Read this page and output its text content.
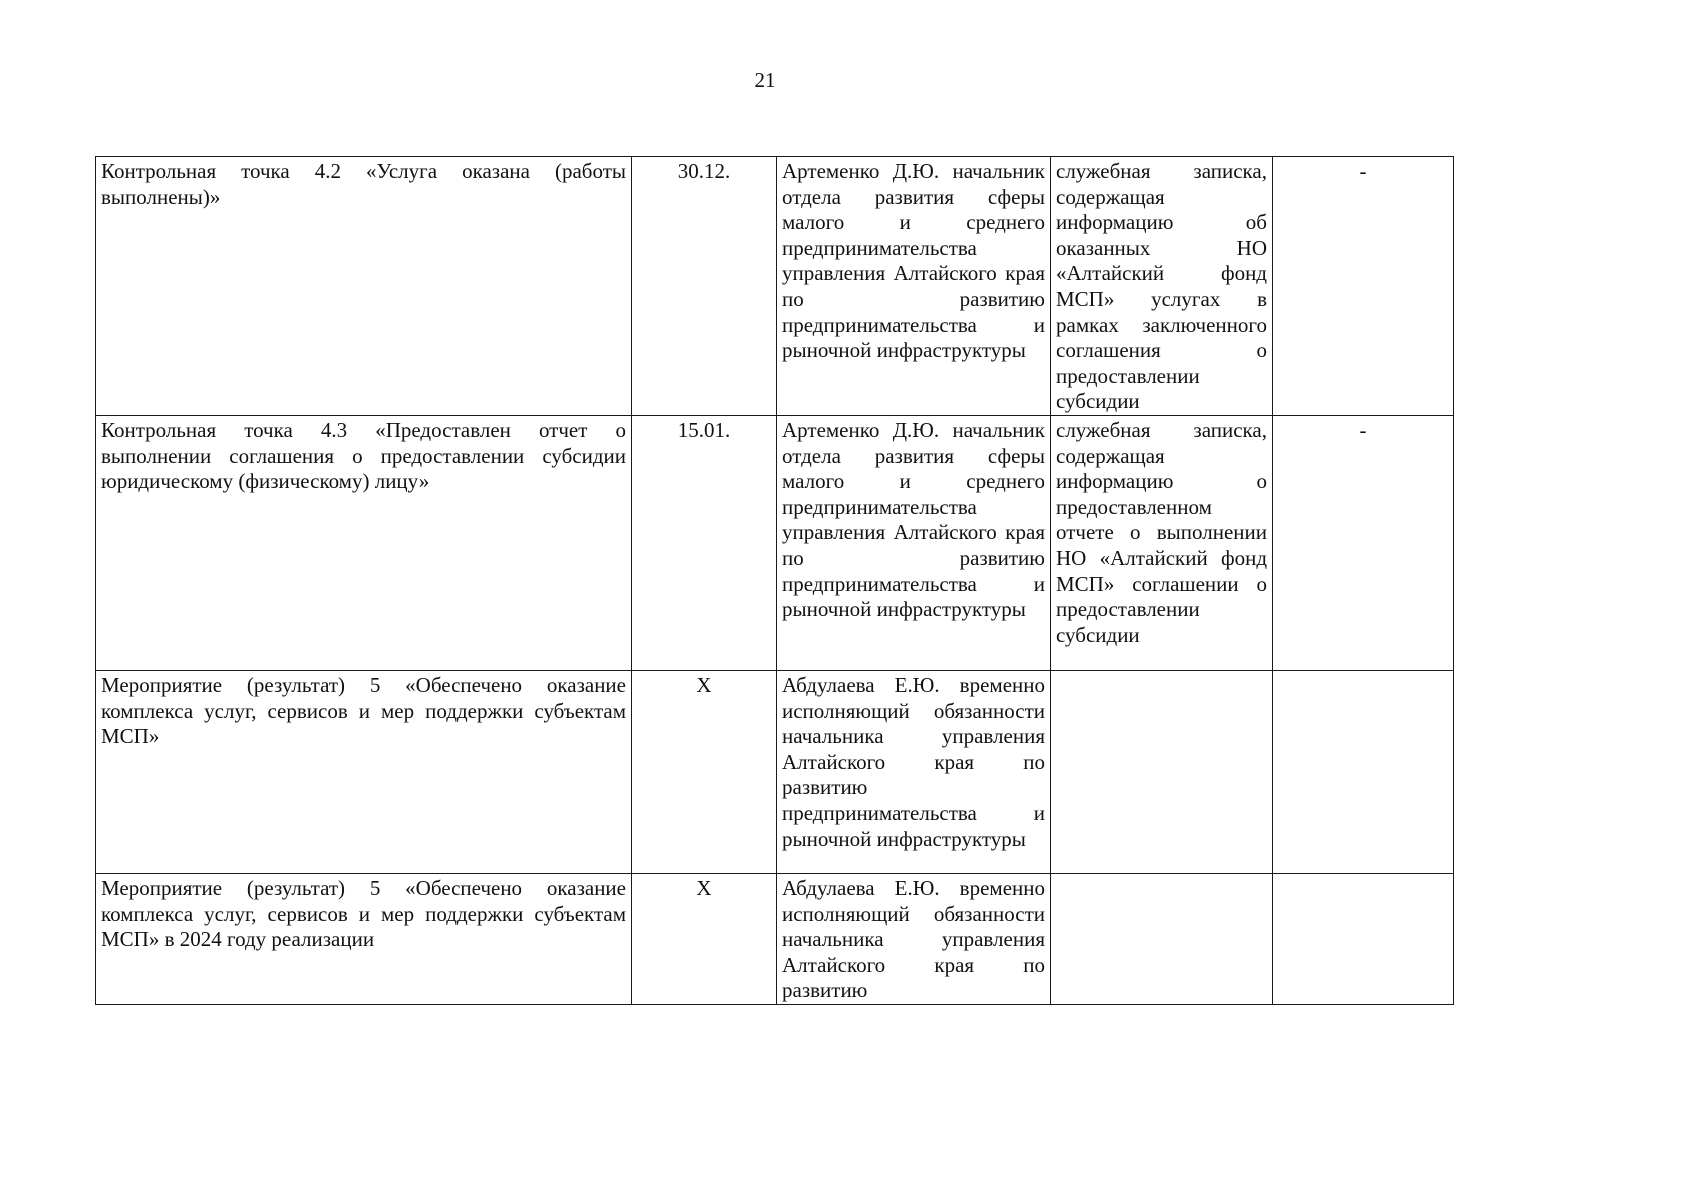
21
Контрольная точка 4.2 «Услуга оказана (работы выполнены)»	30.12.	Артеменко Д.Ю. начальник отдела развития сферы малого и среднего предпринимательства управления Алтайского края по развитию предпринимательства и рыночной инфраструктуры	служебная записка, содержащая информацию об оказанных НО «Алтайский фонд МСП» услугах в рамках заключенного соглашения о предоставлении субсидии	-

Контрольная точка 4.3 «Предоставлен отчет о выполнении соглашения о предоставлении субсидии юридическому (физическому) лицу»	15.01.	Артеменко Д.Ю. начальник отдела развития сферы малого и среднего предпринимательства управления Алтайского края по развитию предпринимательства и рыночной инфраструктуры	служебная записка, содержащая информацию о предоставленном отчете о выполнении НО «Алтайский фонд МСП» соглашении о предоставлении субсидии	-

Мероприятие (результат) 5 «Обеспечено оказание комплекса услуг, сервисов и мер поддержки субъектам МСП»	Х	Абдулаева Е.Ю. временно исполняющий обязанности начальника управления Алтайского края по развитию предпринимательства и рыночной инфраструктуры		

Мероприятие (результат) 5 «Обеспечено оказание комплекса услуг, сервисов и мер поддержки субъектам МСП» в 2024 году реализации	Х	Абдулаева Е.Ю. временно исполняющий обязанности начальника управления Алтайского края по развитию		
